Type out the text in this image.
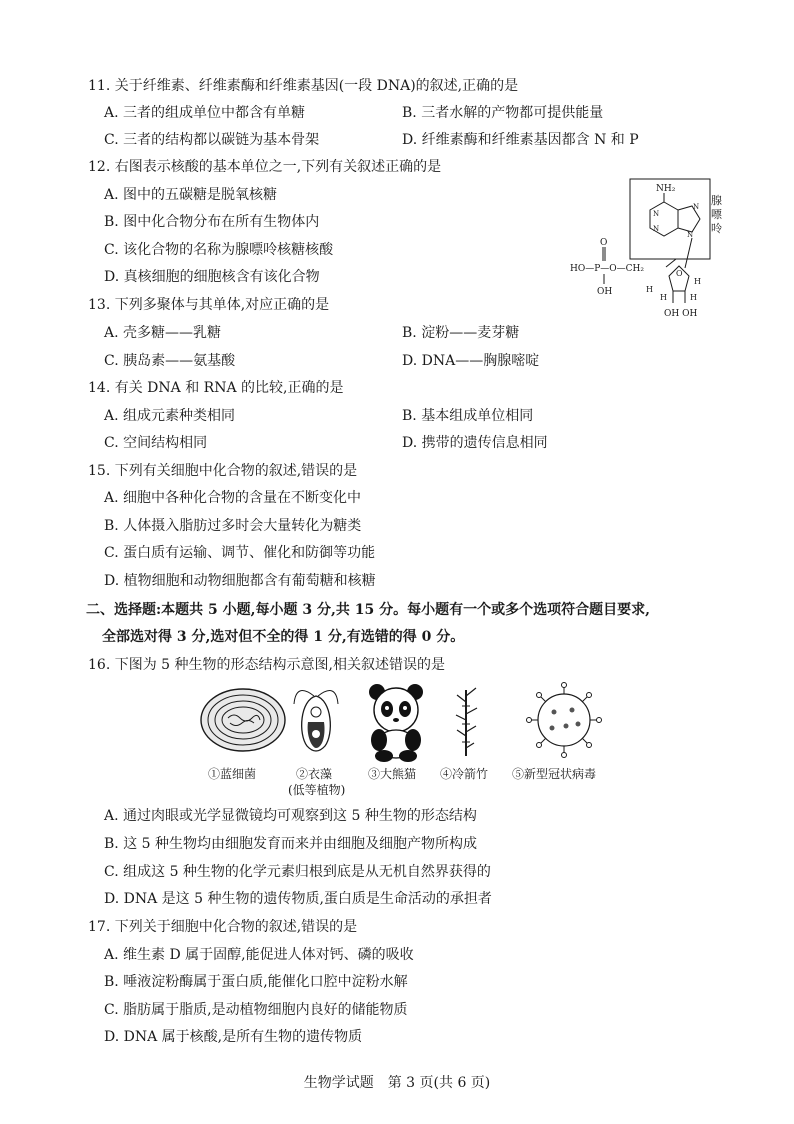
11. 关于纤维素、纤维素酶和纤维素基因(一段 DNA)的叙述,正确的是
A. 三者的组成单位中都含有单糖	B. 三者水解的产物都可提供能量
C. 三者的结构都以碳链为基本骨架	D. 纤维素酶和纤维素基因都含 N 和 P
12. 右图表示核酸的基本单位之一,下列有关叙述正确的是
A. 图中的五碳糖是脱氧核糖
B. 图中化合物分布在所有生物体内
C. 该化合物的名称为腺嘌呤核糖核酸
D. 真核细胞的细胞核含有该化合物
NH₂
N
N
N
N
腺
嘌
呤
O
HO—P—O—CH₂
OH
O
H
H	H
H
OH OH
13. 下列多聚体与其单体,对应正确的是
A. 壳多糖——乳糖	B. 淀粉——麦芽糖
C. 胰岛素——氨基酸	D. DNA——胸腺嘧啶
14. 有关 DNA 和 RNA 的比较,正确的是
A. 组成元素种类相同	B. 基本组成单位相同
C. 空间结构相同	D. 携带的遗传信息相同
15. 下列有关细胞中化合物的叙述,错误的是
A. 细胞中各种化合物的含量在不断变化中
B. 人体摄入脂肪过多时会大量转化为糖类
C. 蛋白质有运输、调节、催化和防御等功能
D. 植物细胞和动物细胞都含有葡萄糖和核糖
二、选择题:本题共 5 小题,每小题 3 分,共 15 分。每小题有一个或多个选项符合题目要求,
全部选对得 3 分,选对但不全的得 1 分,有选错的得 0 分。
16. 下图为 5 种生物的形态结构示意图,相关叙述错误的是
①蓝细菌	②衣藻
(低等植物)
③大熊猫 ④冷箭竹 ⑤新型冠状病毒
A. 通过肉眼或光学显微镜均可观察到这 5 种生物的形态结构
B. 这 5 种生物均由细胞发育而来并由细胞及细胞产物所构成
C. 组成这 5 种生物的化学元素归根到底是从无机自然界获得的
D. DNA 是这 5 种生物的遗传物质,蛋白质是生命活动的承担者
17. 下列关于细胞中化合物的叙述,错误的是
A. 维生素 D 属于固醇,能促进人体对钙、磷的吸收
B. 唾液淀粉酶属于蛋白质,能催化口腔中淀粉水解
C. 脂肪属于脂质,是动植物细胞内良好的储能物质
D. DNA 属于核酸,是所有生物的遗传物质
生物学试题　第 3 页(共 6 页)
